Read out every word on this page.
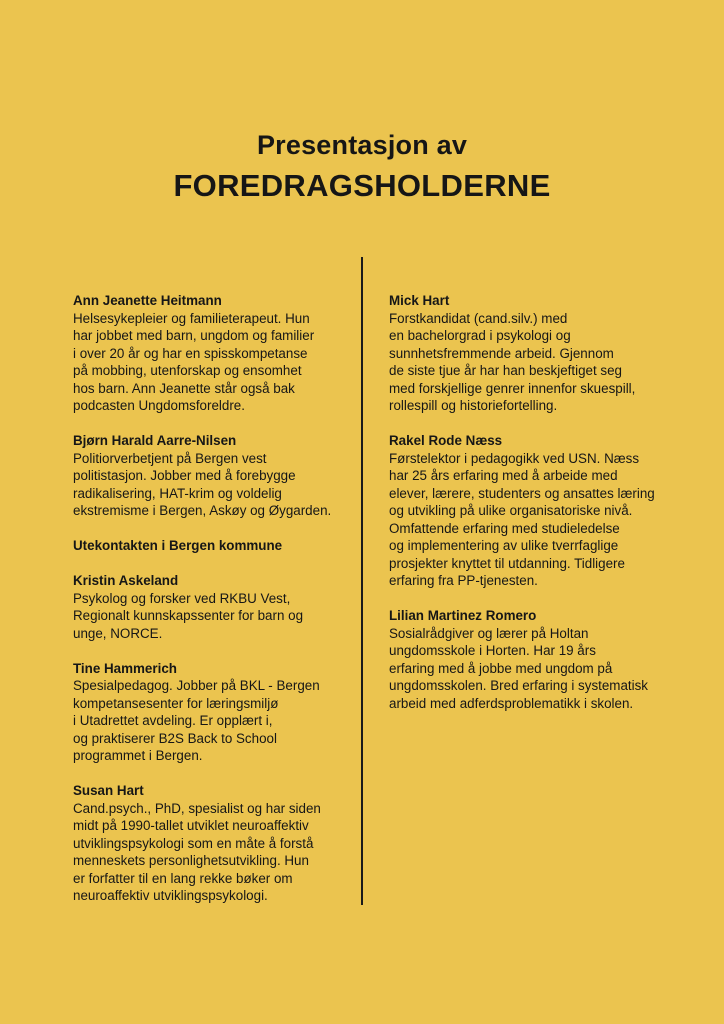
Presentasjon av
FOREDRAGSHOLDERNE
Ann Jeanette Heitmann
Helsesykepleier og familieterapeut. Hun
har jobbet med barn, ungdom og familier
i over 20 år og har en spisskompetanse
på mobbing, utenforskap og ensomhet
hos barn. Ann Jeanette står også bak
podcasten Ungdomsforeldre.
Bjørn Harald Aarre-Nilsen
Politiorverbetjent på Bergen vest
politistasjon. Jobber med å forebygge
radikalisering, HAT-krim og voldelig
ekstremisme i Bergen, Askøy og Øygarden.
Utekontakten i Bergen kommune
Kristin Askeland
Psykolog og forsker ved RKBU Vest,
Regionalt kunnskapssenter for barn og
unge, NORCE.
Tine Hammerich
Spesialpedagog. Jobber på BKL - Bergen
kompetansesenter for læringsmiljø
i Utadrettet avdeling. Er opplært i,
og praktiserer B2S Back to School
programmet i Bergen.
Susan Hart
Cand.psych., PhD, spesialist og har siden
midt på 1990-tallet utviklet neuroaffektiv
utviklingspsykologi som en måte å forstå
menneskets personlighetsutvikling. Hun
er forfatter til en lang rekke bøker om
neuroaffektiv utviklingspsykologi.
Mick Hart
Forstkandidat (cand.silv.) med
en bachelorgrad i psykologi og
sunnhetsfremmende arbeid. Gjennom
de siste tjue år har han beskjeftiget seg
med forskjellige genrer innenfor skuespill,
rollespill og historiefortelling.
Rakel Rode Næss
Førstelektor i pedagogikk ved USN. Næss
har 25 års erfaring med å arbeide med
elever, lærere, studenters og ansattes læring
og utvikling på ulike organisatoriske nivå.
Omfattende erfaring med studieledelse
og implementering av ulike tverrfaglige
prosjekter knyttet til utdanning. Tidligere
erfaring fra PP-tjenesten.
Lilian Martinez Romero
Sosialrådgiver og lærer på Holtan
ungdomsskole i Horten. Har 19 års
erfaring med å jobbe med ungdom på
ungdomsskolen. Bred erfaring i systematisk
arbeid med adferdsproblematikk i skolen.
